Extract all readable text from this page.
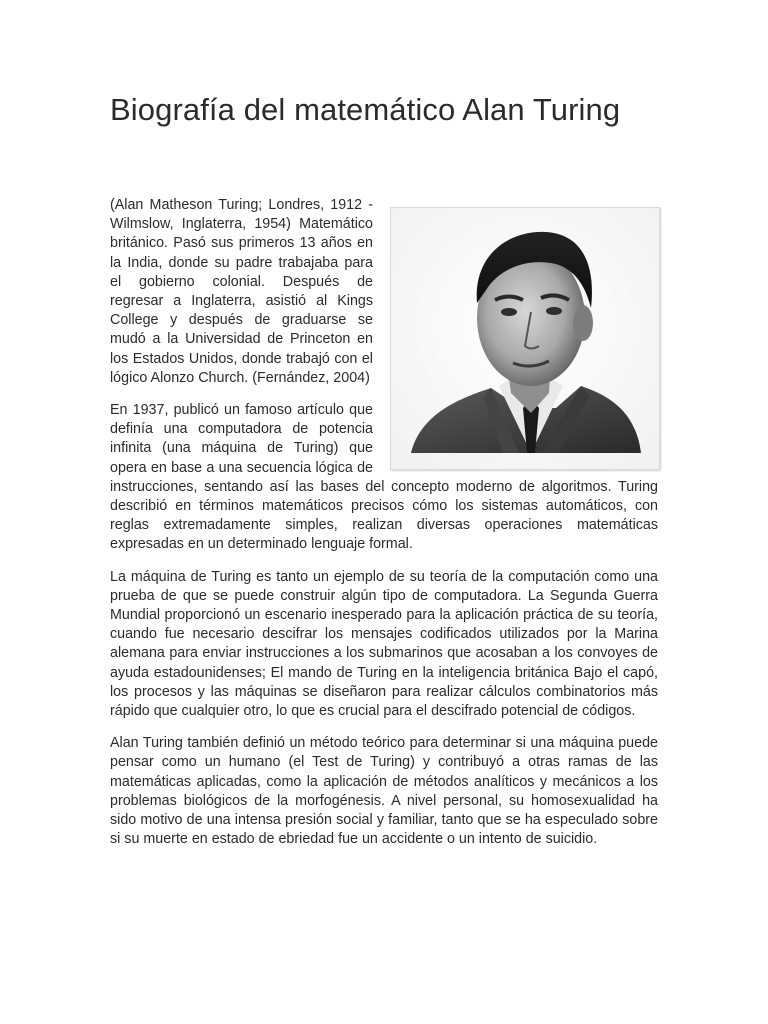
Biografía del matemático Alan Turing

(Alan Matheson Turing; Londres, 1912 - Wilmslow, Inglaterra, 1954) Matemático británico. Pasó sus primeros 13 años en la India, donde su padre trabajaba para el gobierno colonial. Después de regresar a Inglaterra, asistió al Kings College y después de graduarse se mudó a la Universidad de Princeton en los Estados Unidos, donde trabajó con el lógico Alonzo Church. (Fernández, 2004)

En 1937, publicó un famoso artículo que definía una computadora de potencia infinita (una máquina de Turing) que opera en base a una secuencia lógica de instrucciones, sentando así las bases del concepto moderno de algoritmos. Turing describió en términos matemáticos precisos cómo los sistemas automáticos, con reglas extremadamente simples, realizan diversas operaciones matemáticas expresadas en un determinado lenguaje formal.

La máquina de Turing es tanto un ejemplo de su teoría de la computación como una prueba de que se puede construir algún tipo de computadora. La Segunda Guerra Mundial proporcionó un escenario inesperado para la aplicación práctica de su teoría, cuando fue necesario descifrar los mensajes codificados utilizados por la Marina alemana para enviar instrucciones a los submarinos que acosaban a los convoyes de ayuda estadounidenses; El mando de Turing en la inteligencia británica Bajo el capó, los procesos y las máquinas se diseñaron para realizar cálculos combinatorios más rápido que cualquier otro, lo que es crucial para el descifrado potencial de códigos.

Alan Turing también definió un método teórico para determinar si una máquina puede pensar como un humano (el Test de Turing) y contribuyó a otras ramas de las matemáticas aplicadas, como la aplicación de métodos analíticos y mecánicos a los problemas biológicos de la morfogénesis. A nivel personal, su homosexualidad ha sido motivo de una intensa presión social y familiar, tanto que se ha especulado sobre si su muerte en estado de ebriedad fue un accidente o un intento de suicidio.
